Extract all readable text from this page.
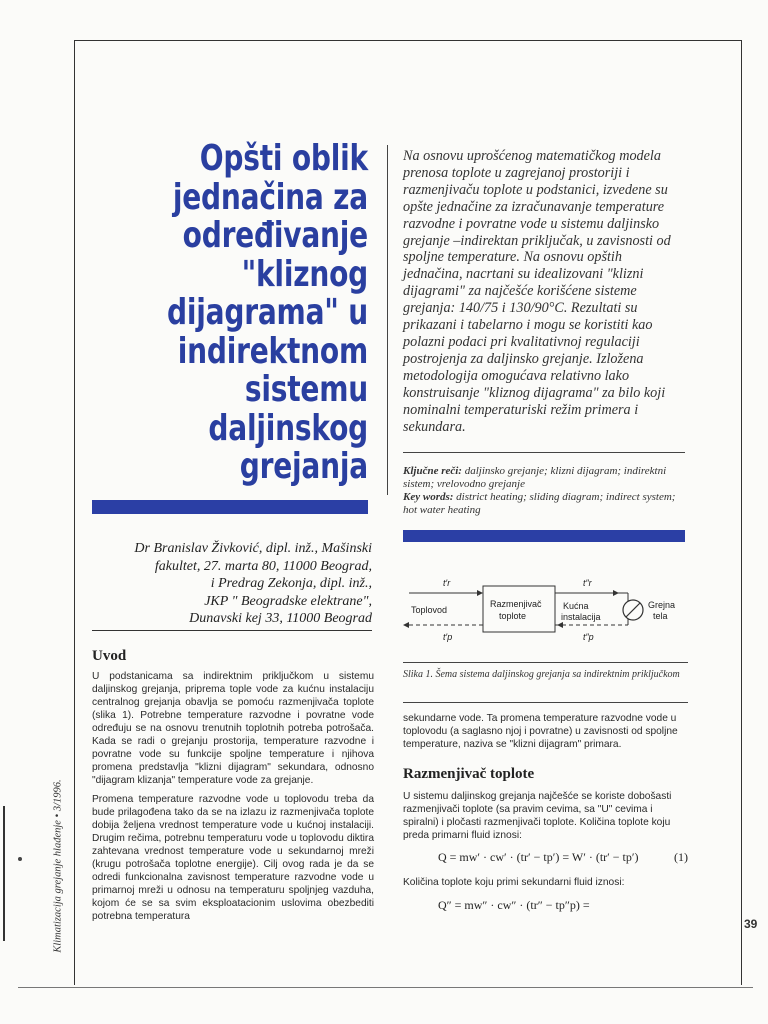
Klimatizacija grejanje hlađenje • 3/1996.
Opšti oblik
jednačina za
određivanje
"kliznog
dijagrama" u
indirektnom
sistemu
daljinskog
grejanja

Dr Branislav Živković, dipl. inž., Mašinski

fakultet, 27. marta 80, 11000 Beograd,

i Predrag Zekonja, dipl. inž.,

JKP " Beogradske elektrane",

Dunavski kej 33, 11000 Beograd

Uvod

U podstanicama sa indirektnim priključkom u sistemu daljinskog grejanja, priprema tople vode za kućnu instalaciju centralnog grejanja obavlja se pomoću razmenjivača toplote (slika 1). Potrebne temperature razvodne i povratne vode određuju se na osnovu trenutnih toplotnih potreba potrošača. Kada se radi o grejanju prostorija, temperature razvodne i povratne vode su funkcije spoljne temperature i njihova promena predstavlja "klizni dijagram" sekundara, odnosno "dijagram klizanja" temperature vode za grejanje.

Promena temperature razvodne vode u toplovodu treba da bude prilagođena tako da se na izlazu iz razmenjivača toplote dobija željena vrednost temperature vode u kućnoj instalaciji. Drugim rečima, potrebnu temperaturu vode u toplovodu diktira zahtevana vrednost temperature vode u sekundarnoj mreži (krugu potrošača toplotne energije). Cilj ovog rada je da se odredi funkcionalna zavisnost temperature razvodne vode u primarnoj mreži u odnosu na temperaturu spoljnjeg vazduha, kojom će se sa svim eksploatacionim uslovima obezbediti potrebna temperatura

Na osnovu uprošćenog matematičkog modela prenosa toplote u zagrejanoj prostoriji i razmenjivaču toplote u podstanici, izvedene su opšte jednačine za izračunavanje temperature razvodne i povratne vode u sistemu daljinsko grejanje –indirektan priključak, u zavisnosti od spoljne temperature. Na osnovu opštih jednačina, nacrtani su idealizovani "klizni dijagrami" za najčešće korišćene sisteme grejanja: 140/75 i 130/90°C. Rezultati su prikazani i tabelarno i mogu se koristiti kao polazni podaci pri kvalitativnoj regulaciji postrojenja za daljinsko grejanje. Izložena metodologija omogućava relativno lako konstruisanje "kliznog dijagrama" za bilo koji nominalni temperaturiski režim primera i sekundara.

Ključne reči: daljinsko grejanje; klizni dijagram; indirektni sistem; vrelovodno grejanje

Key words: district heating; sliding diagram; indirect system; hot water heating

Toplovod
t′r
t′p
Razmenjivač
toplote
t″r
t″p
Kućna
instalacija
Grejna
tela
Slika 1. Šema sistema daljinskog grejanja sa indirektnim priključkom

sekundarne vode. Ta promena temperature razvodne vode u toplovodu (a saglasno njoj i povratne) u zavisnosti od spoljne temperature, naziva se "klizni dijagram" primara.

Razmenjivač toplote

U sistemu daljinskog grejanja najčešće se koriste dobošasti razmenjivači toplote (sa pravim cevima, sa "U" cevima i spiralni) i pločasti razmenjivači toplote. Količina toplote koju preda primarni fluid iznosi:

Q = mw′ · cw′ · (tr′ − tp′) = W′ · (tr′ − tp′)	(1)
Količina toplote koju primi sekundarni fluid iznosi:
Q″ = mw″ · cw″ · (tr″ − tp″p) =
39
